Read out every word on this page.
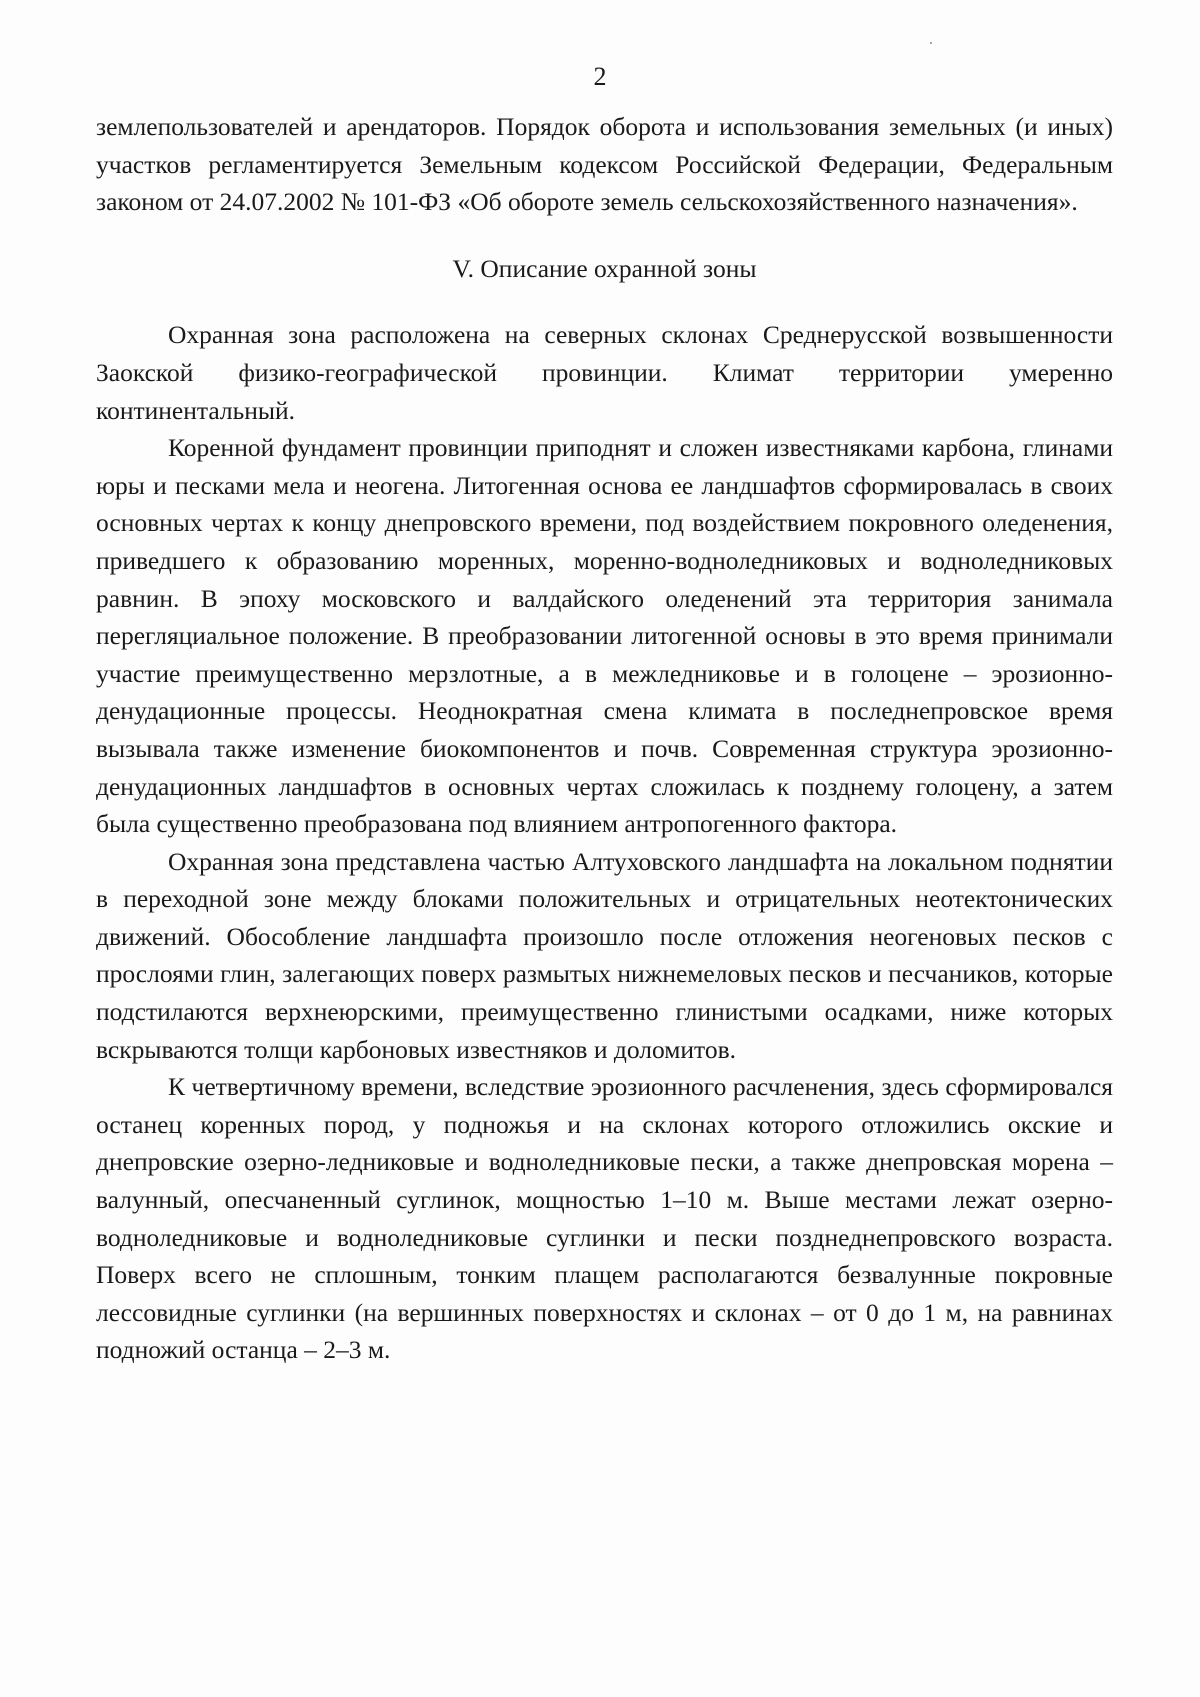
2

землепользователей и арендаторов. Порядок оборота и использования земельных (и иных) участков регламентируется Земельным кодексом Российской Федерации, Федеральным законом от 24.07.2002 № 101-ФЗ «Об обороте земель сельскохозяйственного назначения».

V. Описание охранной зоны

Охранная зона расположена на северных склонах Среднерусской возвышенности Заокской физико-географической провинции. Климат территории умеренно континентальный.

Коренной фундамент провинции приподнят и сложен известняками карбона, глинами юры и песками мела и неогена. Литогенная основа ее ландшафтов сформировалась в своих основных чертах к концу днепровского времени, под воздействием покровного оледенения, приведшего к образованию моренных, моренно-водноледниковых и водноледниковых равнин. В эпоху московского и валдайского оледенений эта территория занимала перегляциальное положение. В преобразовании литогенной основы в это время принимали участие преимущественно мерзлотные, а в межледниковье и в голоцене – эрозионно-денудационные процессы. Неоднократная смена климата в последнепровское время вызывала также изменение биокомпонентов и почв. Современная структура эрозионно-денудационных ландшафтов в основных чертах сложилась к позднему голоцену, а затем была существенно преобразована под влиянием антропогенного фактора.

Охранная зона представлена частью Алтуховского ландшафта на локальном поднятии в переходной зоне между блоками положительных и отрицательных неотектонических движений. Обособление ландшафта произошло после отложения неогеновых песков с прослоями глин, залегающих поверх размытых нижнемеловых песков и песчаников, которые подстилаются верхнеюрскими, преимущественно глинистыми осадками, ниже которых вскрываются толщи карбоновых известняков и доломитов.

К четвертичному времени, вследствие эрозионного расчленения, здесь сформировался останец коренных пород, у подножья и на склонах которого отложились окские и днепровские озерно-ледниковые и водноледниковые пески, а также днепровская морена – валунный, опесчаненный суглинок, мощностью 1–10 м. Выше местами лежат озерно-водноледниковые и водноледниковые суглинки и пески позднеднепровского возраста. Поверх всего не сплошным, тонким плащем располагаются безвалунные покровные лессовидные суглинки (на вершинных поверхностях и склонах – от 0 до 1 м, на равнинах подножий останца – 2–3 м.
